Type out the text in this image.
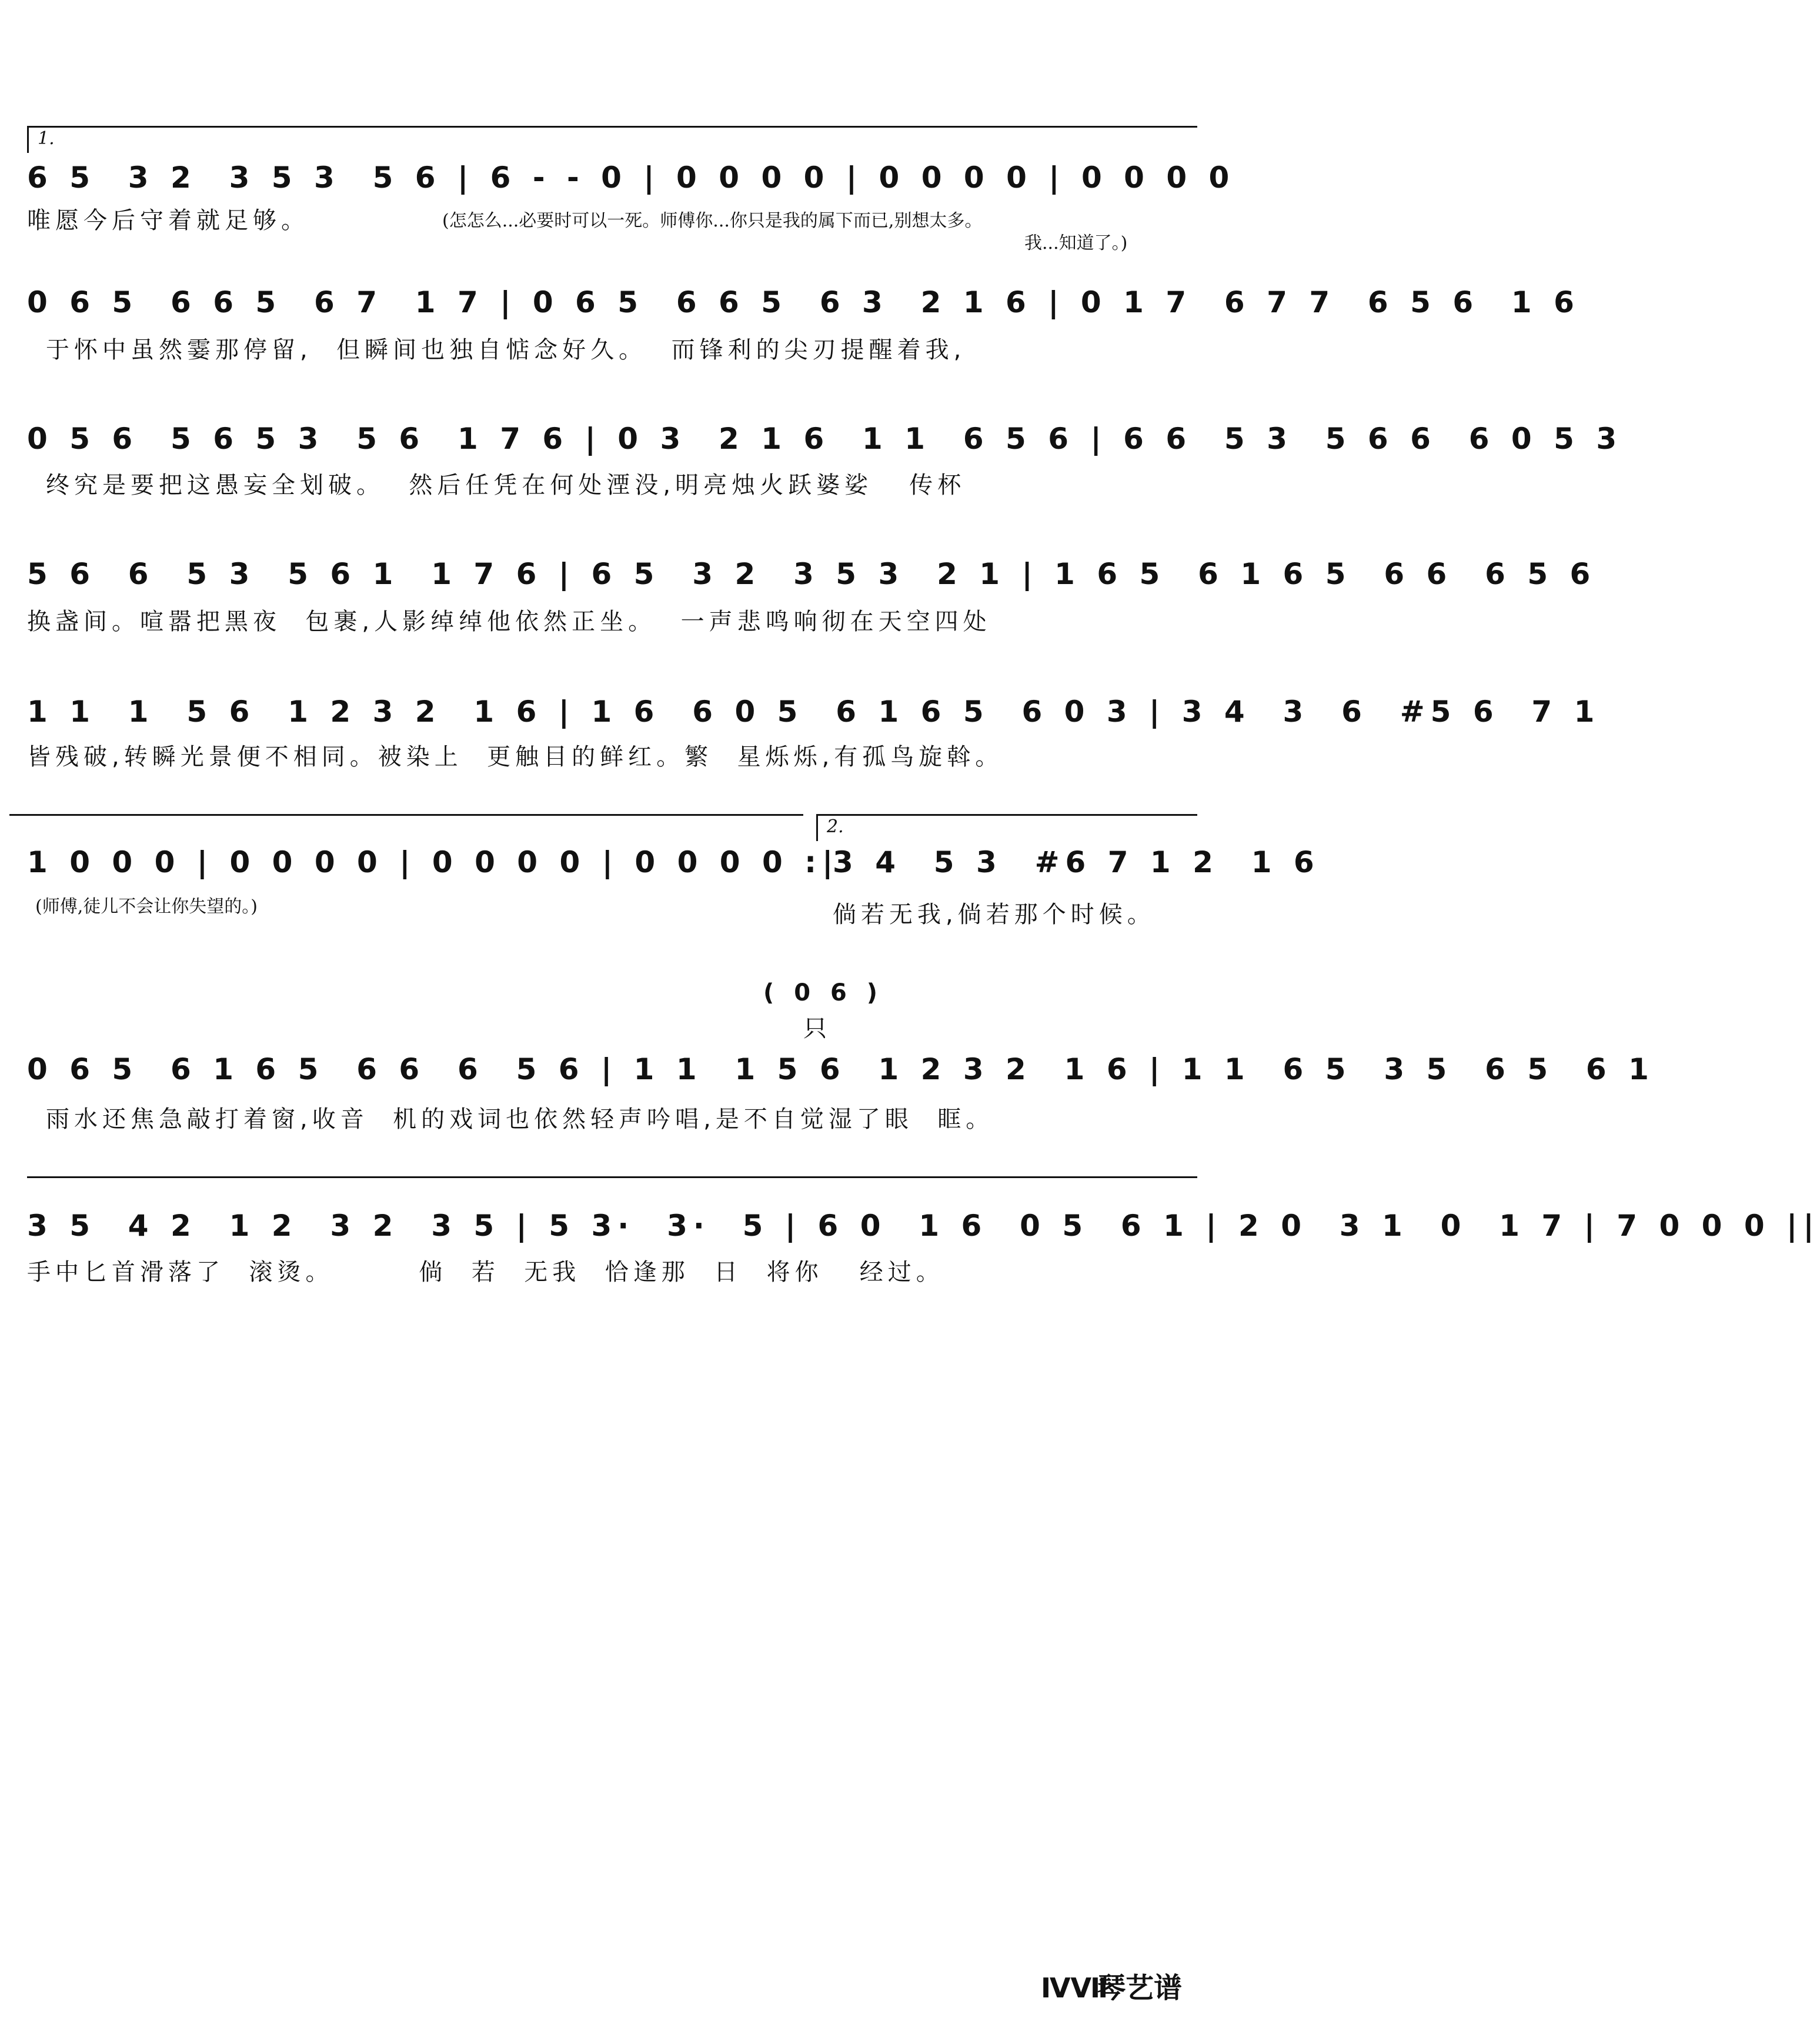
1.
6 5  3 2  3 5 3  5 6 | 6 - - 0 | 0 0 0 0 | 0 0 0 0 | 0 0 0 0
唯愿今后守着就足够。	(怎怎么...必要时可以一死。师傅你...你只是我的属下而已,别想太多。
我...知道了。)
0 6 5  6 6 5  6 7  1 7 | 0 6 5  6 6 5  6 3  2 1 6 | 0 1 7  6 7 7  6 5 6  1 6
于怀中虽然霎那停留,  但瞬间也独自惦念好久。  而锋利的尖刃提醒着我,
0 5 6  5 6 5 3  5 6  1 7 6 | 0 3  2 1 6  1 1  6 5 6 | 6 6  5 3  5 6 6  6 0 5 3
终究是要把这愚妄全划破。  然后任凭在何处湮没,明亮烛火跃婆娑   传杯
5 6  6  5 3  5 6 1  1 7 6 | 6 5  3 2  3 5 3  2 1 | 1 6 5  6 1 6 5  6 6  6 5 6
换盏间。喧嚣把黑夜  包裹,人影绰绰他依然正坐。  一声悲鸣响彻在天空四处
1 1  1  5 6  1 2 3 2  1 6 | 1 6  6 0 5  6 1 6 5  6 0 3 | 3 4  3  6  #5 6  7 1
皆残破,转瞬光景便不相同。被染上  更触目的鲜红。繁  星烁烁,有孤鸟旋斡。
2.
1 0 0 0 | 0 0 0 0 | 0 0 0 0 | 0 0 0 0 :|
(师傅,徒儿不会让你失望的。)
3 4  5 3  #6 7 1 2  1 6
倘若无我,倘若那个时候。
( 0 6 )
只
0 6 5  6 1 6 5  6 6  6  5 6 | 1 1  1 5 6  1 2 3 2  1 6 | 1 1  6 5  3 5  6 5  6 1
雨水还焦急敲打着窗,收音  机的戏词也依然轻声吟唱,是不自觉湿了眼  眶。
3 5  4 2  1 2  3 2  3 5 | 5 3·  3·  5 | 6 0  1 6  0 5  6 1 | 2 0  3 1  0  1 7 | 7 0 0 0 ||
手中匕首滑落了  滚烫。       倘  若  无我  恰逢那  日  将你   经过。
ⅣⅦ
琴艺谱
